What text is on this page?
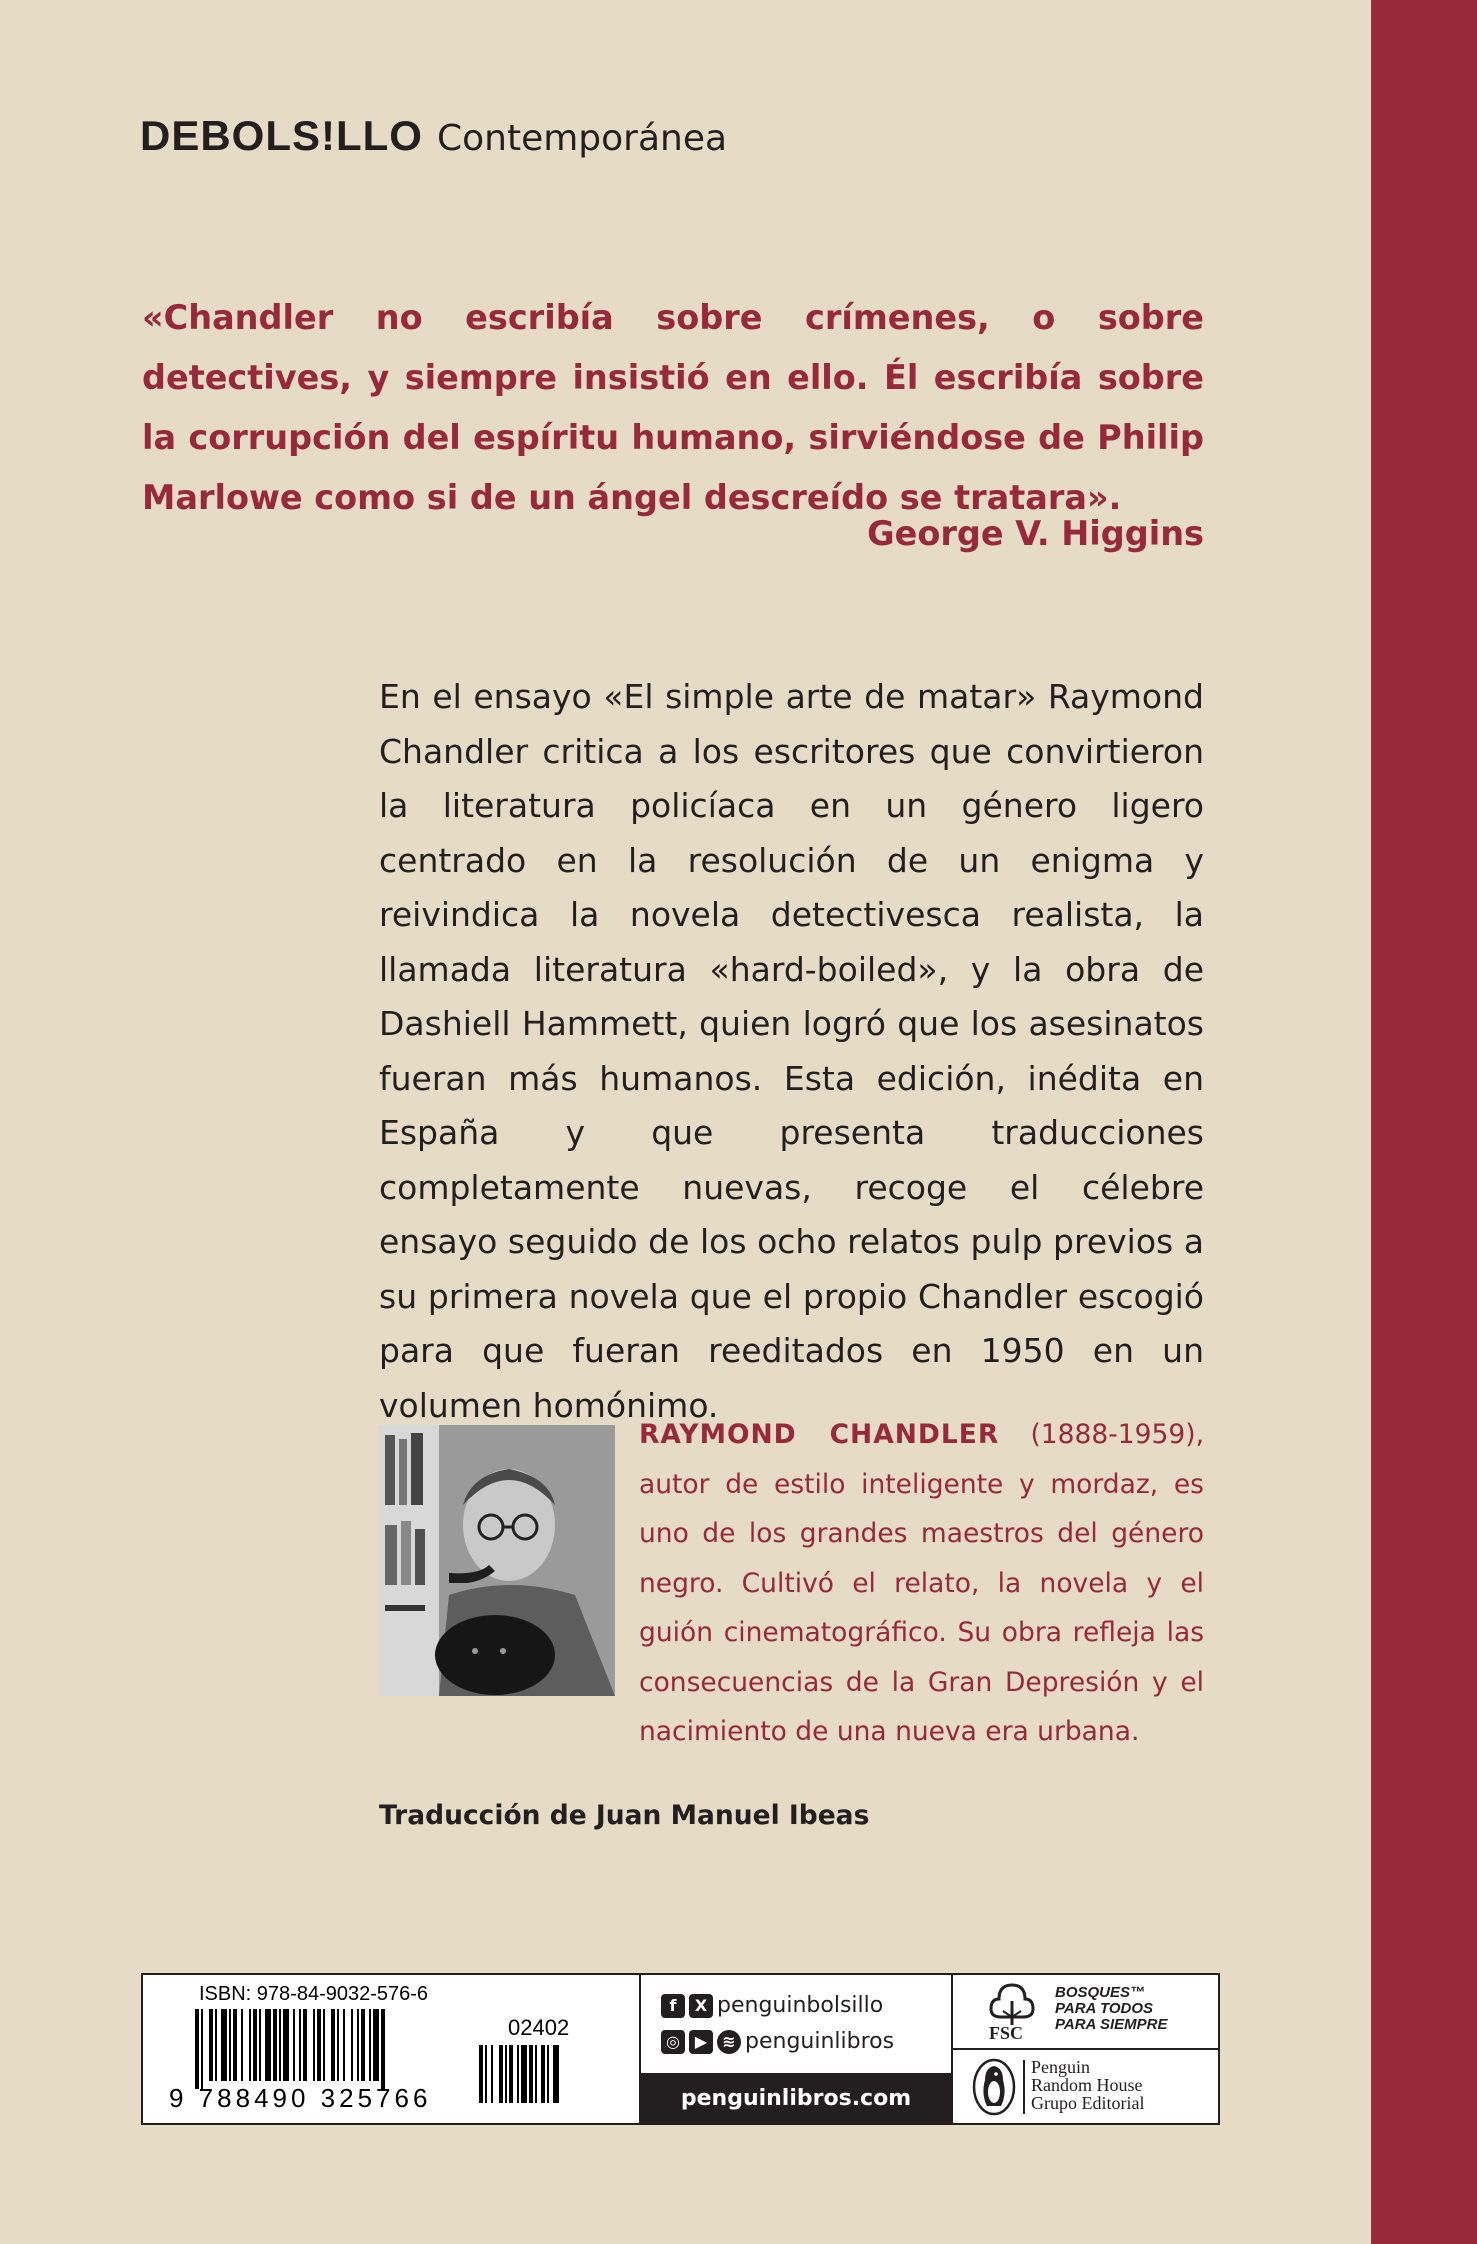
DEBOLS!LLO Contemporánea
«Chandler no escribía sobre crímenes, o sobre detectives, y siempre insistió en ello. Él escribía sobre la corrupción del espíritu humano, sirviéndose de Philip Marlowe como si de un ángel descreído se tratara».
George V. Higgins
En el ensayo «El simple arte de matar» Raymond Chandler critica a los escritores que convirtieron la literatura policíaca en un género ligero centrado en la resolución de un enigma y reivindica la novela detectivesca realista, la llamada literatura «hard-boiled», y la obra de Dashiell Hammett, quien logró que los asesinatos fueran más humanos. Esta edición, inédita en España y que presenta traducciones completamente nuevas, recoge el célebre ensayo seguido de los ocho relatos pulp previos a su primera novela que el propio Chandler escogió para que fueran reeditados en 1950 en un volumen homónimo.
RAYMOND CHANDLER (1888-1959), autor de estilo inteligente y mordaz, es uno de los grandes maestros del género negro. Cultivó el relato, la novela y el guión cinematográfico. Su obra refleja las consecuencias de la Gran Depresión y el nacimiento de una nueva era urbana.
Traducción de Juan Manuel Ibeas
ISBN: 978-84-9032-576-6
02402
9 788490 325766
f	X penguinbolsillo
◎ ▶ ≋ penguinlibros
penguinlibros.com
FSC
BOSQUES™
PARA TODOS
PARA SIEMPRE
Penguin
Random House
Grupo Editorial
